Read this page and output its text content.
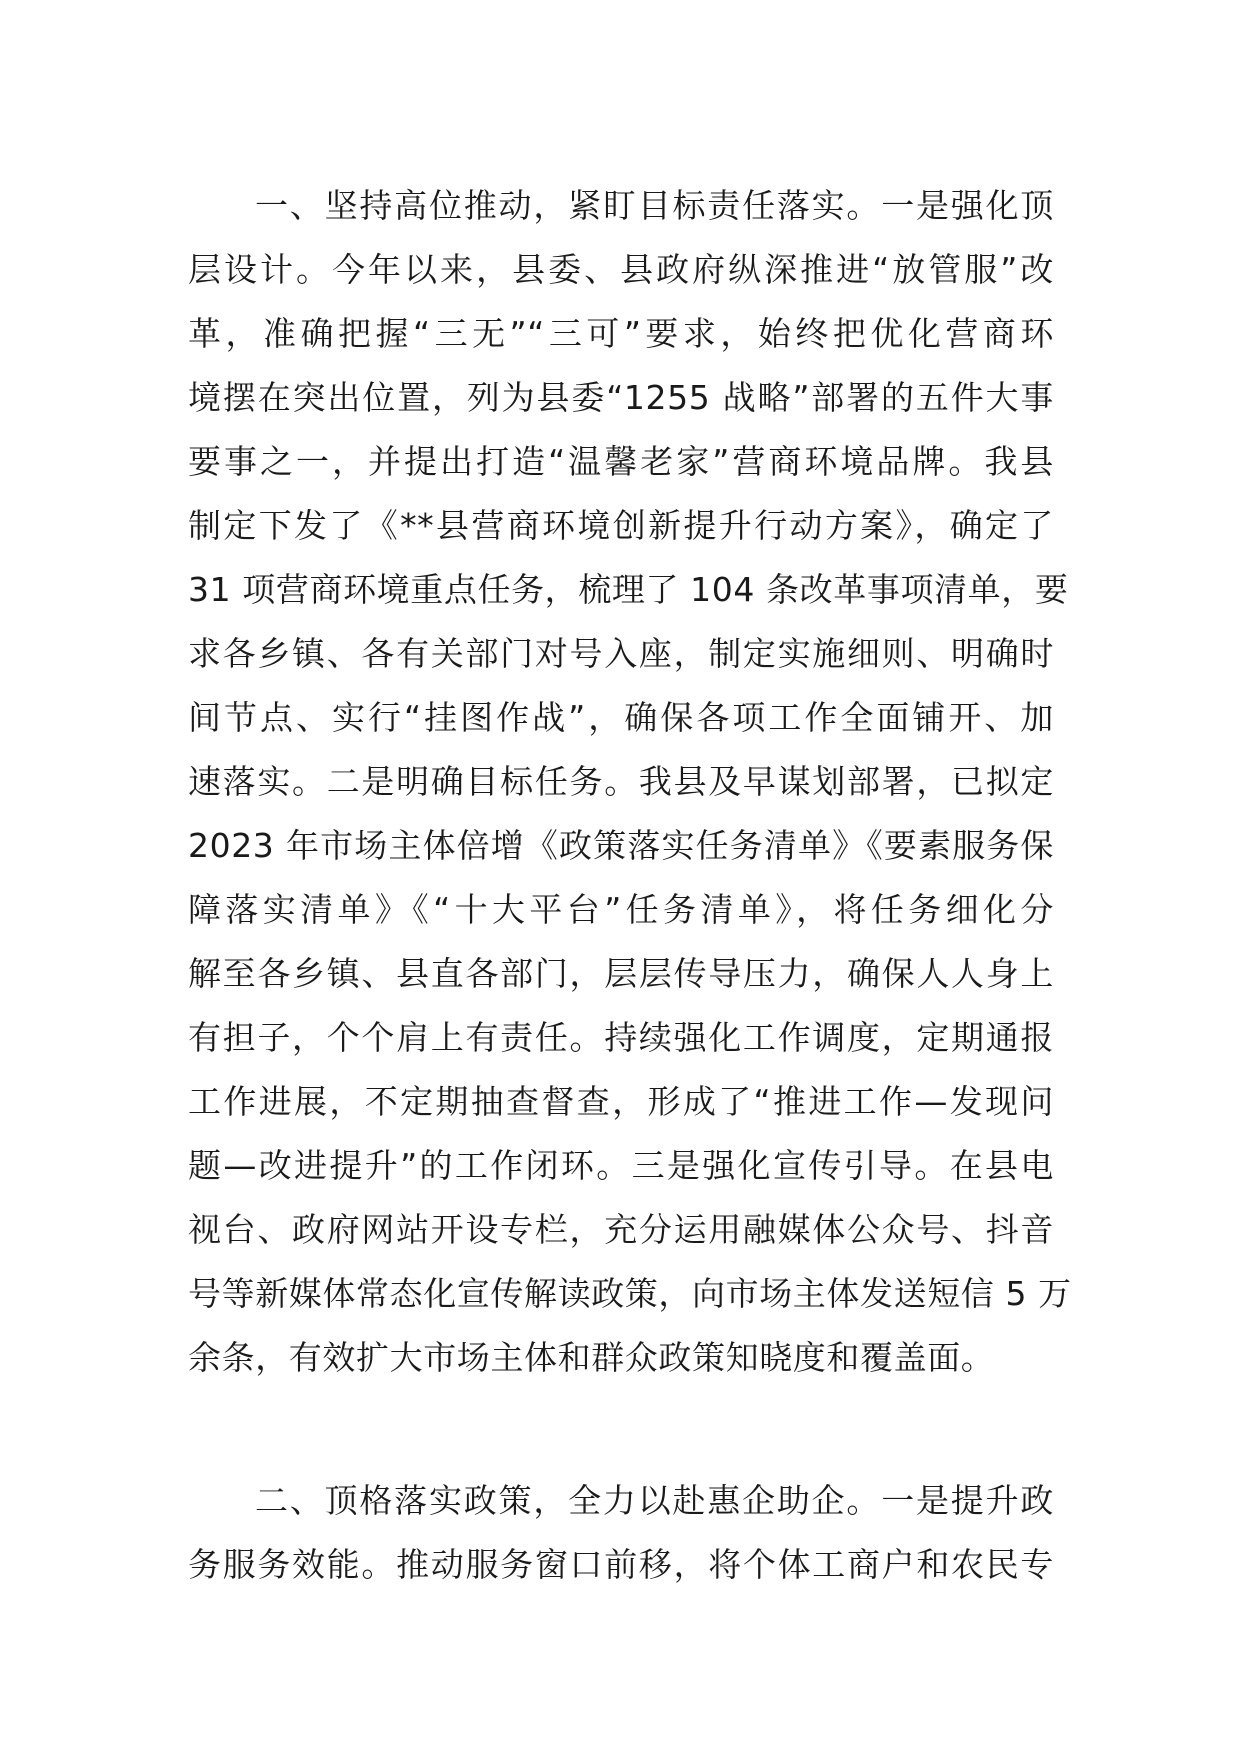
一、坚持高位推动，紧盯目标责任落实。一是强化顶
层设计。今年以来，县委、县政府纵深推进“放管服”改
革，准确把握“三无”“三可”要求，始终把优化营商环
境摆在突出位置，列为县委“1255 战略”部署的五件大事
要事之一，并提出打造“温馨老家”营商环境品牌。我县
制定下发了《**县营商环境创新提升行动方案》，确定了
31 项营商环境重点任务，梳理了 104 条改革事项清单，要
求各乡镇、各有关部门对号入座，制定实施细则、明确时
间节点、实行“挂图作战”，确保各项工作全面铺开、加
速落实。二是明确目标任务。我县及早谋划部署，已拟定
2023 年市场主体倍增《政策落实任务清单》《要素服务保
障落实清单》《“十大平台”任务清单》，将任务细化分
解至各乡镇、县直各部门，层层传导压力，确保人人身上
有担子，个个肩上有责任。持续强化工作调度，定期通报
工作进展，不定期抽查督查，形成了“推进工作—发现问
题—改进提升”的工作闭环。三是强化宣传引导。在县电
视台、政府网站开设专栏，充分运用融媒体公众号、抖音
号等新媒体常态化宣传解读政策，向市场主体发送短信 5 万
余条，有效扩大市场主体和群众政策知晓度和覆盖面。
二、顶格落实政策，全力以赴惠企助企。一是提升政
务服务效能。推动服务窗口前移，将个体工商户和农民专
